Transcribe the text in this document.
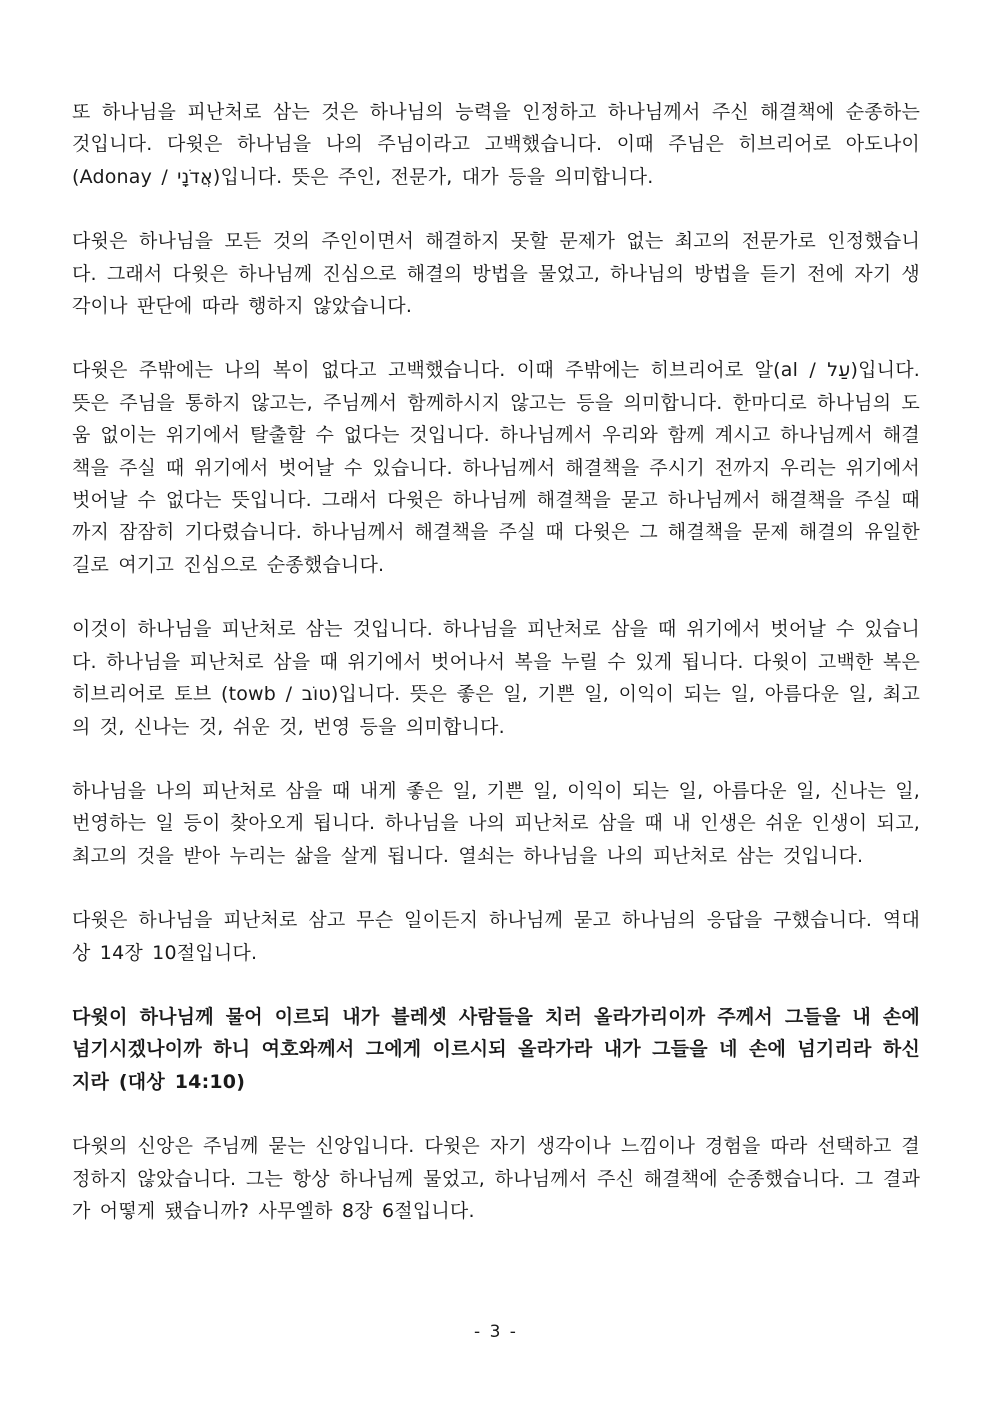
또 하나님을 피난처로 삼는 것은 하나님의 능력을 인정하고 하나님께서 주신 해결책에 순종하는 것입니다. 다윗은 하나님을 나의 주님이라고 고백했습니다. 이때 주님은 히브리어로 아도나이(Adonay / אֲדֹנָי)입니다. 뜻은 주인, 전문가, 대가 등을 의미합니다.

다윗은 하나님을 모든 것의 주인이면서 해결하지 못할 문제가 없는 최고의 전문가로 인정했습니다. 그래서 다윗은 하나님께 진심으로 해결의 방법을 물었고, 하나님의 방법을 듣기 전에 자기 생각이나 판단에 따라 행하지 않았습니다.

다윗은 주밖에는 나의 복이 없다고 고백했습니다. 이때 주밖에는 히브리어로 알(al / עַל)입니다. 뜻은 주님을 통하지 않고는, 주님께서 함께하시지 않고는 등을 의미합니다. 한마디로 하나님의 도움 없이는 위기에서 탈출할 수 없다는 것입니다. 하나님께서 우리와 함께 계시고 하나님께서 해결책을 주실 때 위기에서 벗어날 수 있습니다. 하나님께서 해결책을 주시기 전까지 우리는 위기에서 벗어날 수 없다는 뜻입니다. 그래서 다윗은 하나님께 해결책을 묻고 하나님께서 해결책을 주실 때까지 잠잠히 기다렸습니다. 하나님께서 해결책을 주실 때 다윗은 그 해결책을 문제 해결의 유일한 길로 여기고 진심으로 순종했습니다.

이것이 하나님을 피난처로 삼는 것입니다. 하나님을 피난처로 삼을 때 위기에서 벗어날 수 있습니다. 하나님을 피난처로 삼을 때 위기에서 벗어나서 복을 누릴 수 있게 됩니다. 다윗이 고백한 복은 히브리어로 토브 (towb / טוֹב)입니다. 뜻은 좋은 일, 기쁜 일, 이익이 되는 일, 아름다운 일, 최고의 것, 신나는 것, 쉬운 것, 번영 등을 의미합니다.

하나님을 나의 피난처로 삼을 때 내게 좋은 일, 기쁜 일, 이익이 되는 일, 아름다운 일, 신나는 일, 번영하는 일 등이 찾아오게 됩니다. 하나님을 나의 피난처로 삼을 때 내 인생은 쉬운 인생이 되고, 최고의 것을 받아 누리는 삶을 살게 됩니다. 열쇠는 하나님을 나의 피난처로 삼는 것입니다.

다윗은 하나님을 피난처로 삼고 무슨 일이든지 하나님께 묻고 하나님의 응답을 구했습니다. 역대상 14장 10절입니다.

다윗이 하나님께 물어 이르되 내가 블레셋 사람들을 치러 올라가리이까 주께서 그들을 내 손에 넘기시겠나이까 하니 여호와께서 그에게 이르시되 올라가라 내가 그들을 네 손에 넘기리라 하신지라 (대상 14:10)

다윗의 신앙은 주님께 묻는 신앙입니다. 다윗은 자기 생각이나 느낌이나 경험을 따라 선택하고 결정하지 않았습니다. 그는 항상 하나님께 물었고, 하나님께서 주신 해결책에 순종했습니다. 그 결과가 어떻게 됐습니까? 사무엘하 8장 6절입니다.

- 3 -
